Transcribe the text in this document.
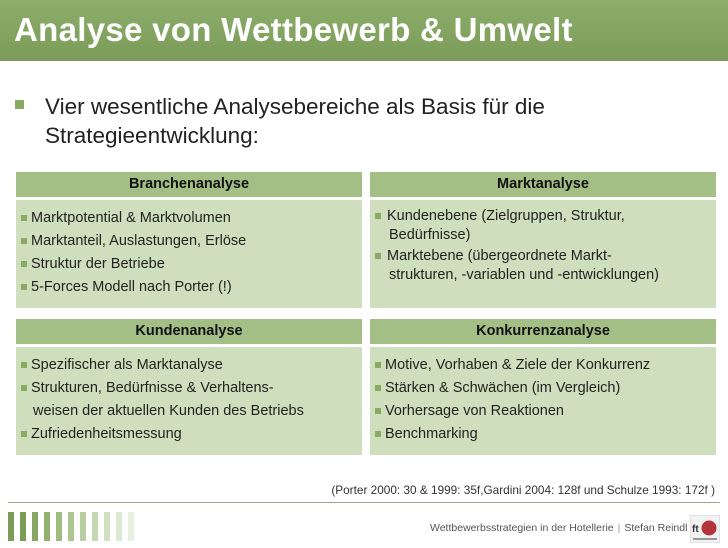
Analyse von Wettbewerb & Umwelt
Vier wesentliche Analysebereiche als Basis für die Strategieentwicklung:
Branchenanalyse
Marktpotential & Marktvolumen
Marktanteil, Auslastungen, Erlöse
Struktur der Betriebe
5-Forces Modell nach Porter (!)
Marktanalyse
Kundenebene (Zielgruppen, Struktur,
Bedürfnisse)
Marktebene (übergeordnete Markt-
strukturen, -variablen und -entwicklungen)
Kundenanalyse
Spezifischer als Marktanalyse
Strukturen, Bedürfnisse & Verhaltens-
weisen der aktuellen Kunden des Betriebs
Zufriedenheitsmessung
Konkurrenzanalyse
Motive, Vorhaben & Ziele der Konkurrenz
Stärken & Schwächen (im Vergleich)
Vorhersage von Reaktionen
Benchmarking
(Porter 2000: 30 & 1999: 35f,Gardini 2004: 128f und Schulze 1993: 172f )
Wettbewerbsstrategien in der Hotellerie | Stefan Reindl ft
